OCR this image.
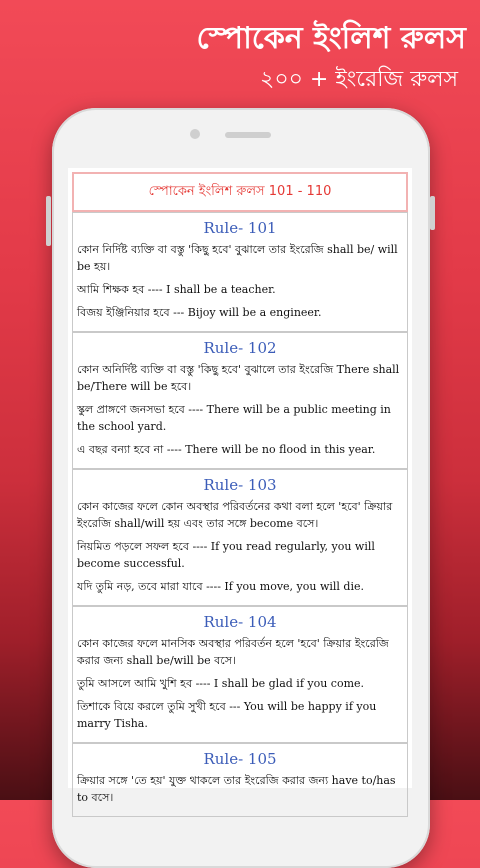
স্পোকেন ইংলিশ রুলস
২০০ + ইংরেজি রুলস
স্পোকেন ইংলিশ রুলস 101 - 110
Rule- 101

কোন নির্দিষ্ট ব্যক্তি বা বস্তু 'কিছু হবে' বুঝালে তার ইংরেজি shall be/ will be হয়।

আমি শিক্ষক হব ---- I shall be a teacher.

বিজয় ইঞ্জিনিয়ার হবে --- Bijoy will be a engineer.

Rule- 102

কোন অনির্দিষ্ট ব্যক্তি বা বস্তু 'কিছু হবে' বুঝালে তার ইংরেজি There shall be/There will be হবে।

স্কুল প্রাঙ্গণে জনসভা হবে ---- There will be a public meeting in the school yard.

এ বছর বন্যা হবে না ---- There will be no flood in this year.

Rule- 103

কোন কাজের ফলে কোন অবস্থার পরিবর্তনের কথা বলা হলে 'হবে' ক্রিয়ার ইংরেজি shall/will হয় এবং তার সঙ্গে become বসে।

নিয়মিত পড়লে সফল হবে ---- If you read regularly, you will become successful.

যদি তুমি নড়, তবে মারা যাবে ---- If you move, you will die.

Rule- 104

কোন কাজের ফলে মানসিক অবস্থার পরিবর্তন হলে 'হবে' ক্রিয়ার ইংরেজি করার জন্য shall be/will be বসে।

তুমি আসলে আমি খুশি হব ---- I shall be glad if you come.

তিশাকে বিয়ে করলে তুমি সুখী হবে --- You will be happy if you marry Tisha.

Rule- 105

ক্রিয়ার সঙ্গে 'তে হয়' যুক্ত থাকলে তার ইংরেজি করার জন্য have to/has to বসে।
